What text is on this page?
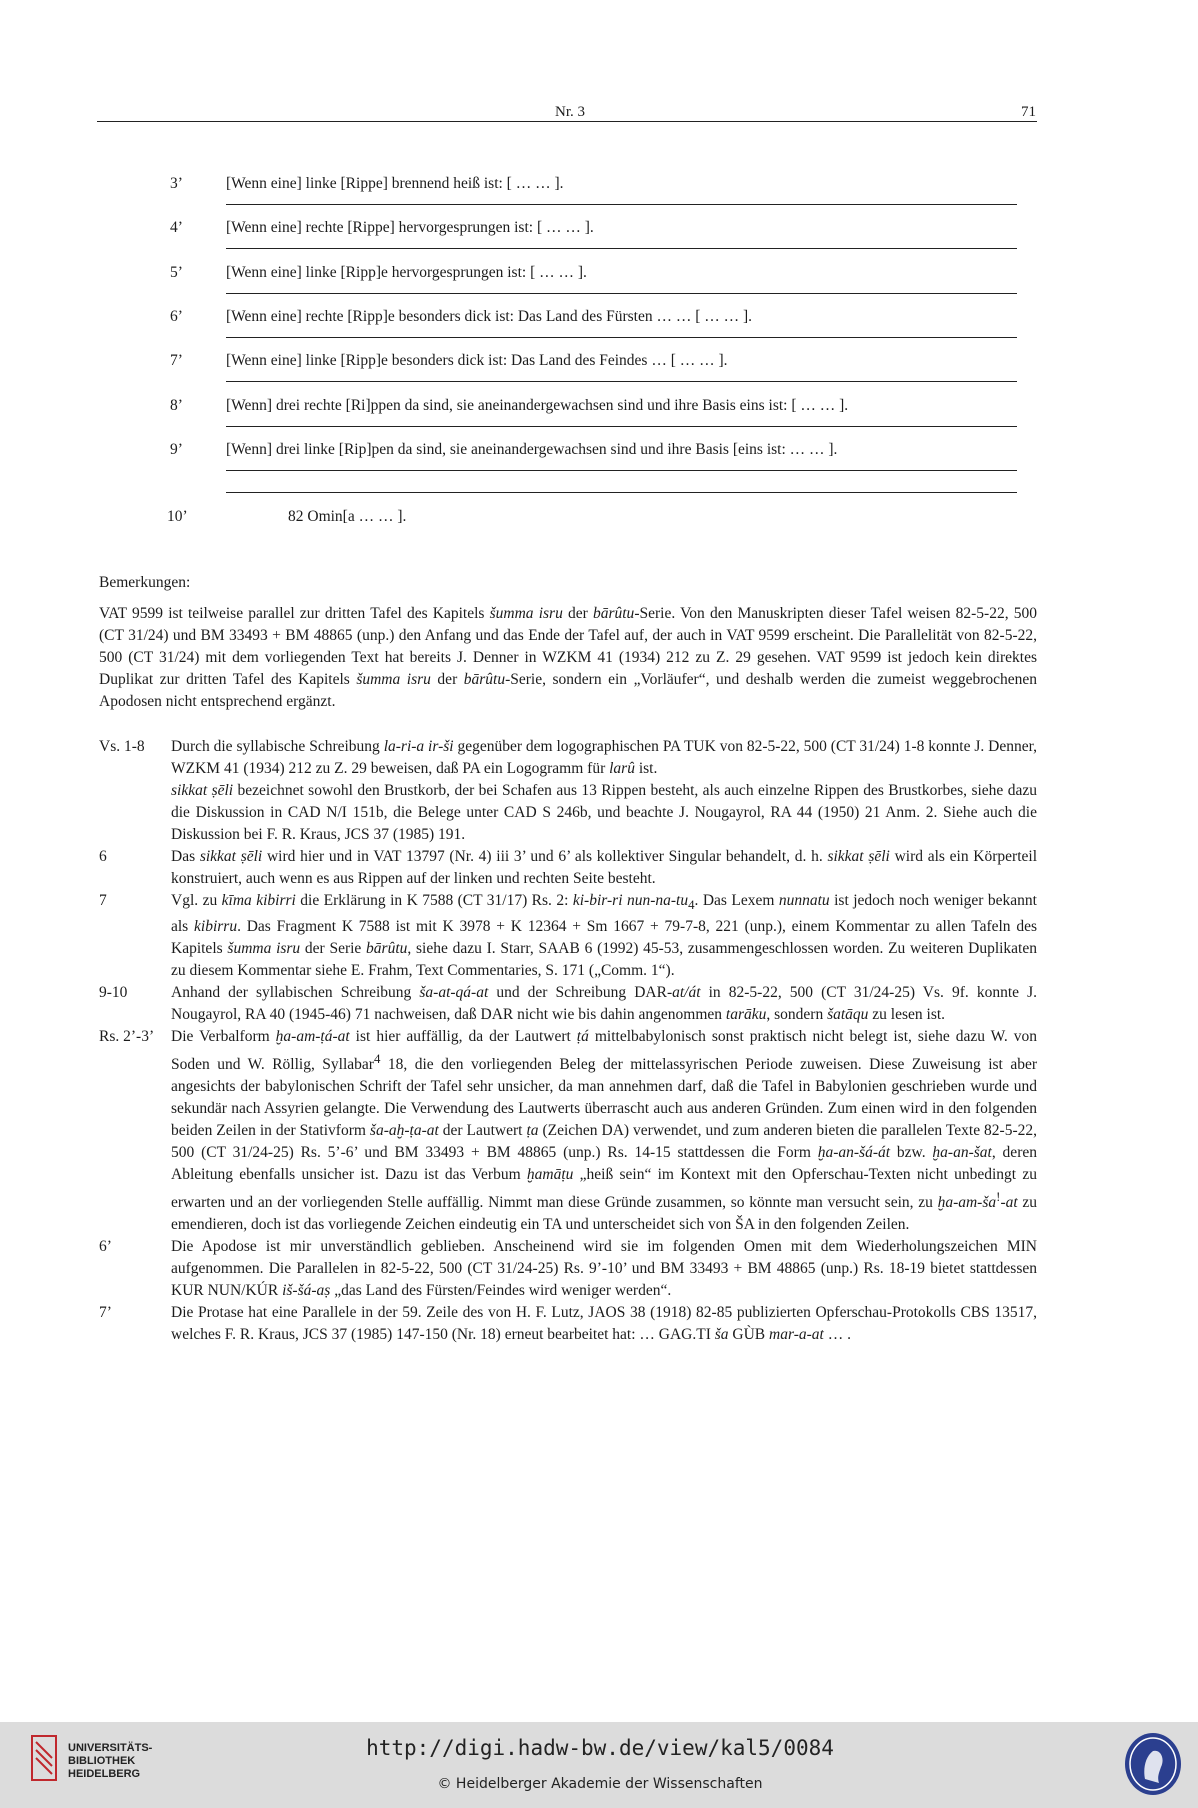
Nr. 3	71
3’	[Wenn eine] linke [Rippe] brennend heiß ist: [ … … ].
4’	[Wenn eine] rechte [Rippe] hervorgesprungen ist: [ … … ].
5’	[Wenn eine] linke [Ripp]e hervorgesprungen ist: [ … … ].
6’	[Wenn eine] rechte [Ripp]e besonders dick ist: Das Land des Fürsten … … [ … … ].
7’	[Wenn eine] linke [Ripp]e besonders dick ist: Das Land des Feindes … [ … … ].
8’	[Wenn] drei rechte [Ri]ppen da sind, sie aneinandergewachsen sind und ihre Basis eins ist: [ … … ].
9’	[Wenn] drei linke [Rip]pen da sind, sie aneinandergewachsen sind und ihre Basis [eins ist: … … ].
10’	82 Omin[a … … ].
Bemerkungen:
VAT 9599 ist teilweise parallel zur dritten Tafel des Kapitels šumma isru der bārûtu-Serie. Von den Manuskripten dieser Tafel weisen 82-5-22, 500 (CT 31/24) und BM 33493 + BM 48865 (unp.) den Anfang und das Ende der Tafel auf, der auch in VAT 9599 erscheint. Die Parallelität von 82-5-22, 500 (CT 31/24) mit dem vorliegenden Text hat bereits J. Denner in WZKM 41 (1934) 212 zu Z. 29 gesehen. VAT 9599 ist jedoch kein direktes Duplikat zur dritten Tafel des Kapitels šumma isru der bārûtu-Serie, sondern ein „Vorläufer“, und deshalb werden die zumeist weggebrochenen Apodosen nicht entsprechend ergänzt.
Vs. 1-8	Durch die syllabische Schreibung la-ri-a ir-ši gegenüber dem logographischen PA TUK von 82-5-22, 500 (CT 31/24) 1-8 konnte J. Denner, WZKM 41 (1934) 212 zu Z. 29 beweisen, daß PA ein Logogramm für larû ist.

sikkat ṣēli bezeichnet sowohl den Brustkorb, der bei Schafen aus 13 Rippen besteht, als auch einzelne Rippen des Brustkorbes, siehe dazu die Diskussion in CAD N/I 151b, die Belege unter CAD S 246b, und beachte J. Nougayrol, RA 44 (1950) 21 Anm. 2. Siehe auch die Diskussion bei F. R. Kraus, JCS 37 (1985) 191.

6	Das sikkat ṣēli wird hier und in VAT 13797 (Nr. 4) iii 3’ und 6’ als kollektiver Singular behandelt, d. h. sikkat ṣēli wird als ein Körperteil konstruiert, auch wenn es aus Rippen auf der linken und rechten Seite besteht.
7	Vgl. zu kīma kibirri die Erklärung in K 7588 (CT 31/17) Rs. 2: ki-bir-ri nun-$na-tu_4$. Das Lexem nunnatu ist jedoch noch weniger bekannt als kibirru. Das Fragment K 7588 ist mit K 3978 + K 12364 + Sm 1667 + 79-7-8, 221 (unp.), einem Kommentar zu allen Tafeln des Kapitels šumma isru der Serie bārûtu, siehe dazu I. Starr, SAAB 6 (1992) 45-53, zusammengeschlossen worden. Zu weiteren Duplikaten zu diesem Kommentar siehe E. Frahm, Text Commentaries, S. 171 („Comm. 1“).
9-10	Anhand der syllabischen Schreibung ša-at-qá-at und der Schreibung DAR-at/át in 82-5-22, 500 (CT 31/24-25) Vs. 9f. konnte J. Nougayrol, RA 40 (1945-46) 71 nachweisen, daß DAR nicht wie bis dahin angenommen tarāku, sondern šatāqu zu lesen ist.
Rs. 2’-3’	Die Verbalform ḫa-am-ṭá-at ist hier auffällig, da der Lautwert ṭá mittelbabylonisch sonst praktisch nicht belegt ist, siehe dazu W. von Soden und W. Röllig, Syllabar$^4$ 18, die den vorliegenden Beleg der mittelassyrischen Periode zuweisen. Diese Zuweisung ist aber angesichts der babylonischen Schrift der Tafel sehr unsicher, da man annehmen darf, daß die Tafel in Babylonien geschrieben wurde und sekundär nach Assyrien gelangte. Die Verwendung des Lautwerts überrascht auch aus anderen Gründen. Zum einen wird in den folgenden beiden Zeilen in der Stativform ša-aḫ-ṭa-at der Lautwert ṭa (Zeichen DA) verwendet, und zum anderen bieten die parallelen Texte 82-5-22, 500 (CT 31/24-25) Rs. 5’-6’ und BM 33493 + BM 48865 (unp.) Rs. 14-15 stattdessen die Form ḫa-an-šá-át bzw. ḫa-an-šat, deren Ableitung ebenfalls unsicher ist. Dazu ist das Verbum ḫamāṭu „heiß sein“ im Kontext mit den Opferschau-Texten nicht unbedingt zu erwarten und an der vorliegenden Stelle auffällig. Nimmt man diese Gründe zusammen, so könnte man versucht sein, zu ḫa-am-ša!-at zu emendieren, doch ist das vorliegende Zeichen eindeutig ein TA und unterscheidet sich von ŠA in den folgenden Zeilen.
6’	Die Apodose ist mir unverständlich geblieben. Anscheinend wird sie im folgenden Omen mit dem Wiederholungszeichen MIN aufgenommen. Die Parallelen in 82-5-22, 500 (CT 31/24-25) Rs. 9’-10’ und BM 33493 + BM 48865 (unp.) Rs. 18-19 bietet stattdessen KUR NUN/KÚR iš-šá-aṣ „das Land des Fürsten/Feindes wird weniger werden“.
7’	Die Protase hat eine Parallele in der 59. Zeile des von H. F. Lutz, JAOS 38 (1918) 82-85 publizierten Opferschau-Protokolls CBS 13517, welches F. R. Kraus, JCS 37 (1985) 147-150 (Nr. 18) erneut bearbeitet hat: … GAG.TI ša GÙB mar-a-at … .
UNIVERSITÄTS-
BIBLIOTHEK
HEIDELBERG
http://digi.hadw-bw.de/view/kal5/0084
© Heidelberger Akademie der Wissenschaften
